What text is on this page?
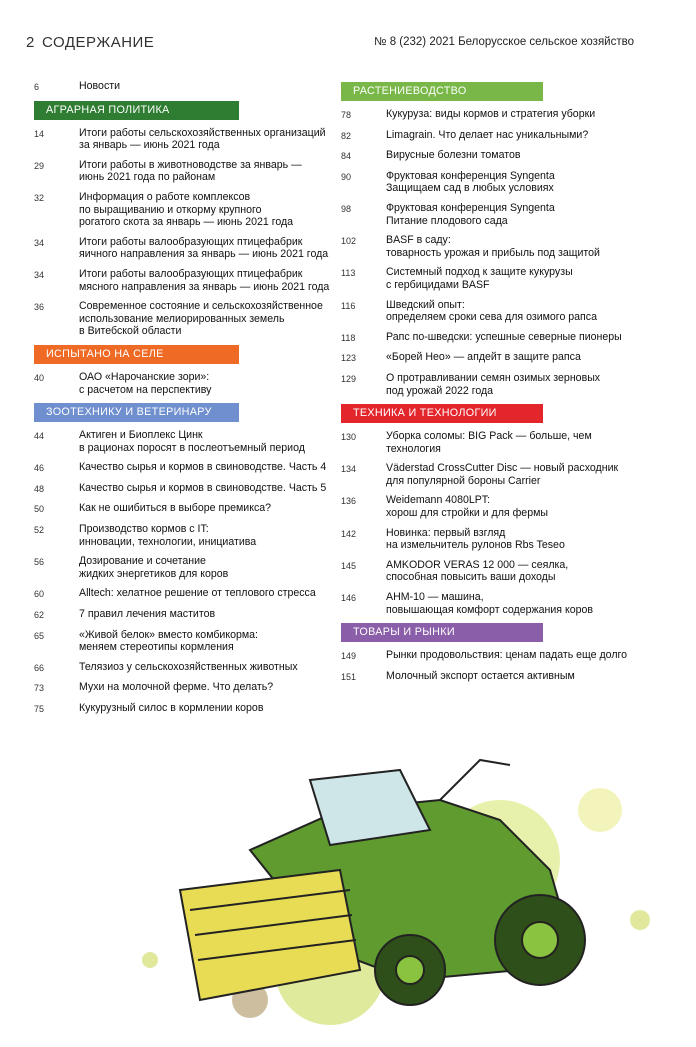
2 СОДЕРЖАНИЕ	№ 8 (232) 2021 Белорусское сельское хозяйство
6	Новости
АГРАРНАЯ ПОЛИТИКА
14	Итоги работы сельскохозяйственных организаций
за январь — июнь 2021 года
29	Итоги работы в животноводстве за январь —
июнь 2021 года по районам
32	Информация о работе комплексов
по выращиванию и откорму крупного
рогатого скота за январь — июнь 2021 года
34	Итоги работы валообразующих птицефабрик
яичного направления за январь — июнь 2021 года
34	Итоги работы валообразующих птицефабрик
мясного направления за январь — июнь 2021 года
36	Современное состояние и сельскохозяйственное
использование мелиорированных земель
в Витебской области
ИСПЫТАНО НА СЕЛЕ
40	ОАО «Нарочанские зори»:
с расчетом на перспективу
ЗООТЕХНИКУ И ВЕТЕРИНАРУ
44	Актиген и Биоплекс Цинк
в рационах поросят в послеотъемный период
46	Качество сырья и кормов в свиноводстве. Часть 4
48	Качество сырья и кормов в свиноводстве. Часть 5
50	Как не ошибиться в выборе премикса?
52	Производство кормов с IT:
инновации, технологии, инициатива
56	Дозирование и сочетание
жидких энергетиков для коров
60	Alltech: хелатное решение от теплового стресса
62	7 правил лечения маститов
65	«Живой белок» вместо комбикорма:
меняем стереотипы кормления
66	Телязиоз у сельскохозяйственных животных
73	Мухи на молочной ферме. Что делать?
75	Кукурузный силос в кормлении коров
РАСТЕНИЕВОДСТВО
78	Кукуруза: виды кормов и стратегия уборки
82	Limagrain. Что делает нас уникальными?
84	Вирусные болезни томатов
90	Фруктовая конференция Syngenta
Защищаем сад в любых условиях
98	Фруктовая конференция Syngenta
Питание плодового сада
102	BASF в саду:
товарность урожая и прибыль под защитой
113	Системный подход к защите кукурузы
с гербицидами BASF
116	Шведский опыт:
определяем сроки сева для озимого рапса
118	Рапс по-шведски: успешные северные пионеры
123	«Борей Нео» — апдейт в защите рапса
129	О протравливании семян озимых зерновых
под урожай 2022 года
ТЕХНИКА И ТЕХНОЛОГИИ
130	Уборка соломы: BIG Pack — больше, чем технология
134	Väderstad CrossCutter Disc — новый расходник
для популярной бороны Carrier
136	Weidemann 4080LPT:
хорош для стройки и для фермы
142	Новинка: первый взгляд
на измельчитель рулонов Rbs Teseo
145	AMKODOR VERAS 12 000 — сеялка,
способная повысить ваши доходы
146	АНМ-10 — машина,
повышающая комфорт содержания коров
ТОВАРЫ И РЫНКИ
149	Рынки продовольствия: ценам падать еще долго
151	Молочный экспорт остается активным
